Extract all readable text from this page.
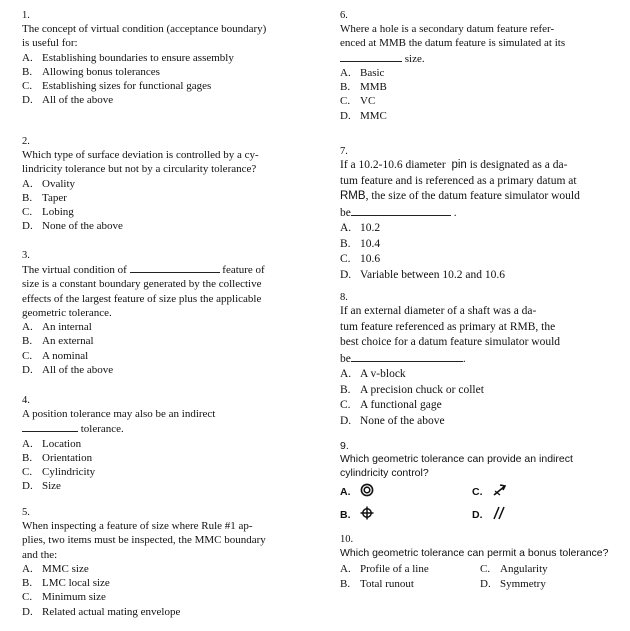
1.
The concept of virtual condition (acceptance boundary)
is useful for:
A. Establishing boundaries to ensure assembly
B. Allowing bonus tolerances
C. Establishing sizes for functional gages
D. All of the above
2.
Which type of surface deviation is controlled by a cy-
lindricity tolerance but not by a circularity tolerance?
A. Ovality
B. Taper
C. Lobing
D. None of the above
3.
The virtual condition of	feature of
size is a constant boundary generated by the collective
effects of the largest feature of size plus the applicable
geometric tolerance.
A. An internal
B. An external
C. A nominal
D. All of the above
4.
A position tolerance may also be an indirect
tolerance.
A. Location
B. Orientation
C. Cylindricity
D. Size
5.
When inspecting a feature of size where Rule #1 ap-
plies, two items must be inspected, the MMC boundary
and the:
A. MMC size
B. LMC local size
C. Minimum size
D. Related actual mating envelope
6.
Where a hole is a secondary datum feature refer-
enced at MMB the datum feature is simulated at its
size.
A. Basic
B. MMB
C. VC
D. MMC
7.
If a 10.2-10.6 diameter pin is designated as a da-
tum feature and is referenced as a primary datum at
RMB, the size of the datum feature simulator would
be	.
A. 10.2
B. 10.4
C. 10.6
D. Variable between 10.2 and 10.6
8.
If an external diameter of a shaft was a da-
tum feature referenced as primary at RMB, the
best choice for a datum feature simulator would
be	.
A. A v-block
B. A precision chuck or collet
C. A functional gage
D. None of the above
9.
Which geometric tolerance can provide an indirect
cylindricity control?
A.	C.
B.	D.
10.
Which geometric tolerance can permit a bonus tolerance?
A. Profile of a line	C. Angularity
B. Total runout	D. Symmetry
